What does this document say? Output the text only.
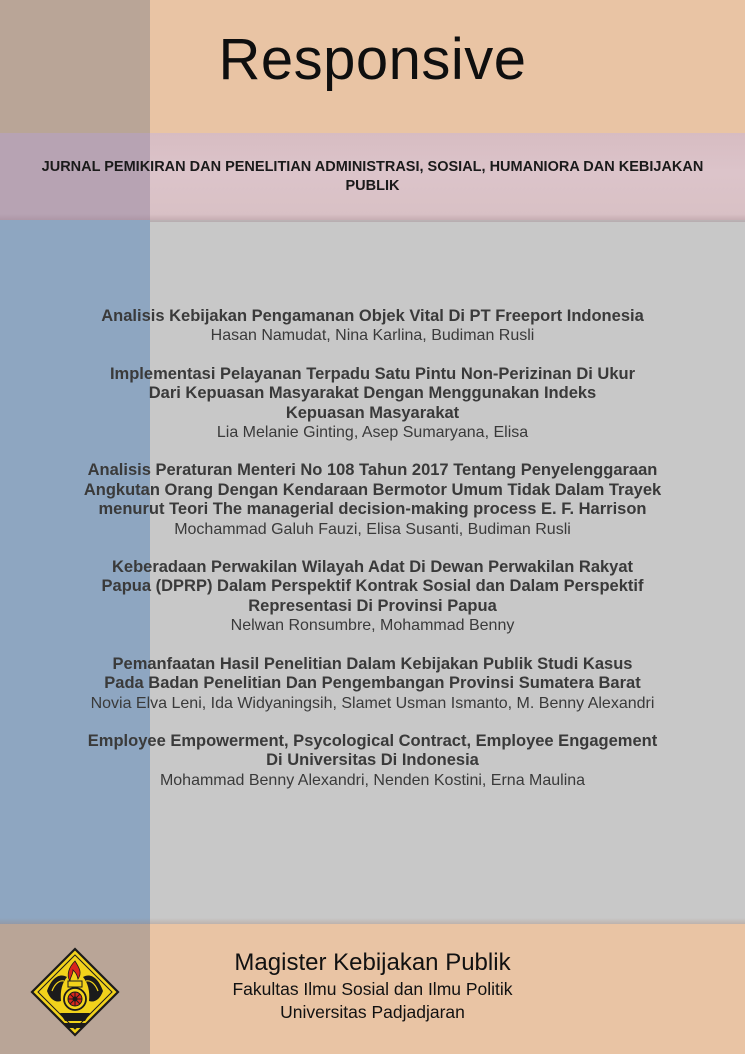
Responsive

JURNAL PEMIKIRAN DAN PENELITIAN ADMINISTRASI, SOSIAL, HUMANIORA DAN KEBIJAKAN PUBLIK

Analisis Kebijakan Pengamanan Objek Vital Di PT Freeport Indonesia

Hasan Namudat, Nina Karlina, Budiman Rusli

Implementasi Pelayanan Terpadu Satu Pintu Non-Perizinan Di Ukur
Dari Kepuasan Masyarakat Dengan Menggunakan Indeks
Kepuasan Masyarakat

Lia Melanie Ginting, Asep Sumaryana, Elisa

Analisis Peraturan Menteri No 108 Tahun 2017 Tentang Penyelenggaraan
Angkutan Orang Dengan Kendaraan Bermotor Umum Tidak Dalam Trayek
menurut Teori The managerial decision-making process E. F. Harrison

Mochammad Galuh Fauzi, Elisa Susanti, Budiman Rusli

Keberadaan Perwakilan Wilayah Adat Di Dewan Perwakilan Rakyat
Papua (DPRP) Dalam Perspektif Kontrak Sosial dan Dalam Perspektif
Representasi Di Provinsi Papua

Nelwan Ronsumbre, Mohammad Benny

Pemanfaatan Hasil Penelitian Dalam Kebijakan Publik Studi Kasus
Pada Badan Penelitian Dan Pengembangan Provinsi Sumatera Barat

Novia Elva Leni, Ida Widyaningsih, Slamet Usman Ismanto, M. Benny Alexandri

Employee Empowerment, Psycological Contract, Employee Engagement
Di Universitas Di Indonesia

Mohammad Benny Alexandri, Nenden Kostini, Erna Maulina

Magister Kebijakan Publik

Fakultas Ilmu Sosial dan Ilmu Politik

Universitas Padjadjaran
